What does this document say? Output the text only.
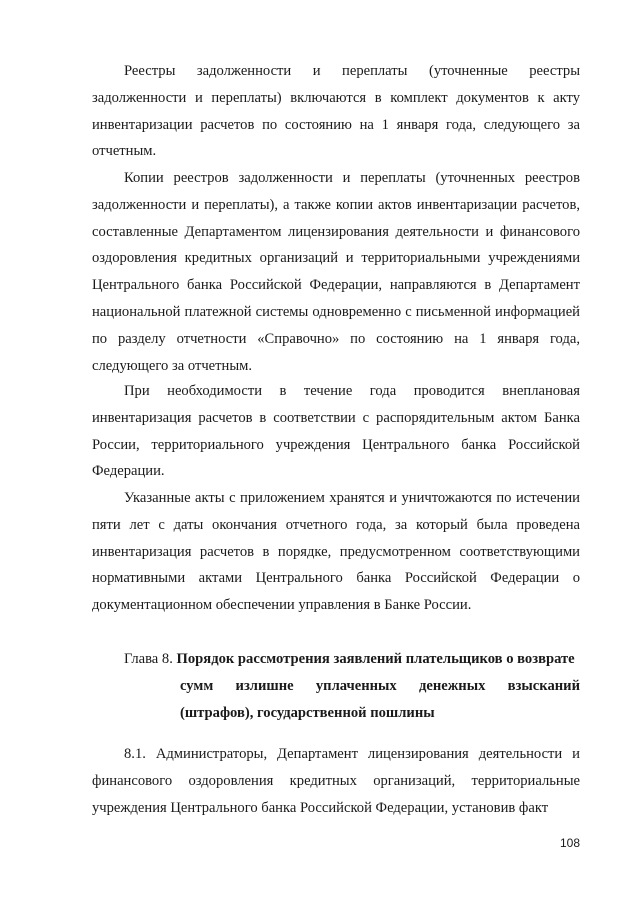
Реестры задолженности и переплаты (уточненные реестры задолженности и переплаты) включаются в комплект документов к акту инвентаризации расчетов по состоянию на 1 января года, следующего за отчетным.

Копии реестров задолженности и переплаты (уточненных реестров задолженности и переплаты), а также копии актов инвентаризации расчетов, составленные Департаментом лицензирования деятельности и финансового оздоровления кредитных организаций и территориальными учреждениями Центрального банка Российской Федерации, направляются в Департамент национальной платежной системы одновременно с письменной информацией по разделу отчетности «Справочно» по состоянию на 1 января года, следующего за отчетным.

При необходимости в течение года проводится внеплановая инвентаризация расчетов в соответствии с распорядительным актом Банка России, территориального учреждения Центрального банка Российской Федерации.

Указанные акты с приложением хранятся и уничтожаются по истечении пяти лет с даты окончания отчетного года, за который была проведена инвентаризация расчетов в порядке, предусмотренном соответствующими нормативными актами Центрального банка Российской Федерации о документационном обеспечении управления в Банке России.

Глава 8. Порядок рассмотрения заявлений плательщиков о возврате
сумм излишне уплаченных денежных взысканий
(штрафов), государственной пошлины

8.1. Администраторы, Департамент лицензирования деятельности и финансового оздоровления кредитных организаций, территориальные учреждения Центрального банка Российской Федерации, установив факт

108
